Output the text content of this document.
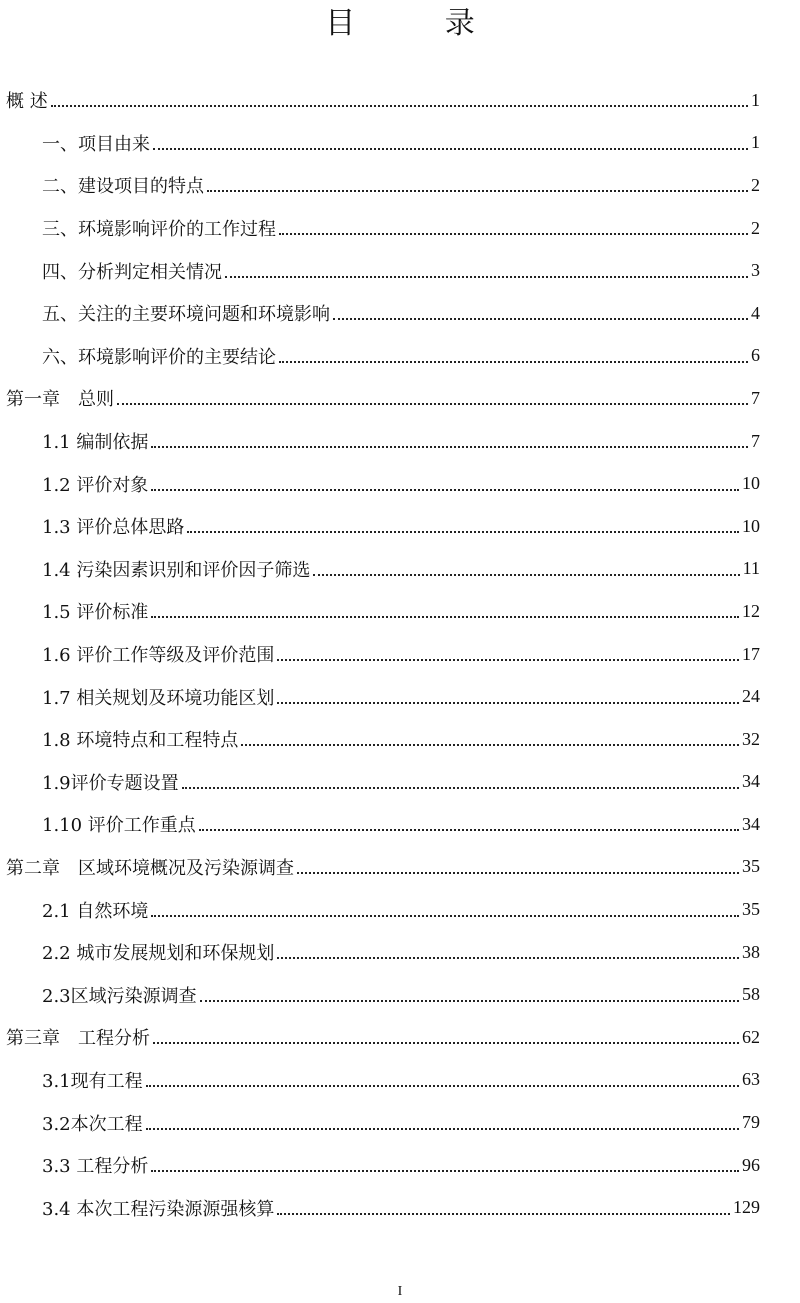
目 录
概 述	1
一、项目由来	1
二、建设项目的特点	2
三、环境影响评价的工作过程	2
四、分析判定相关情况	3
五、关注的主要环境问题和环境影响	4
六、环境影响评价的主要结论	6
第一章　总则	7
1.1 编制依据	7
1.2 评价对象	10
1.3 评价总体思路	10
1.4 污染因素识别和评价因子筛选	11
1.5 评价标准	12
1.6 评价工作等级及评价范围	17
1.7 相关规划及环境功能区划	24
1.8 环境特点和工程特点	32
1.9评价专题设置	34
1.10 评价工作重点	34
第二章　区域环境概况及污染源调查	35
2.1 自然环境	35
2.2 城市发展规划和环保规划	38
2.3区域污染源调查	58
第三章　工程分析	62
3.1现有工程	63
3.2本次工程	79
3.3 工程分析	96
3.4 本次工程污染源源强核算	129
I
